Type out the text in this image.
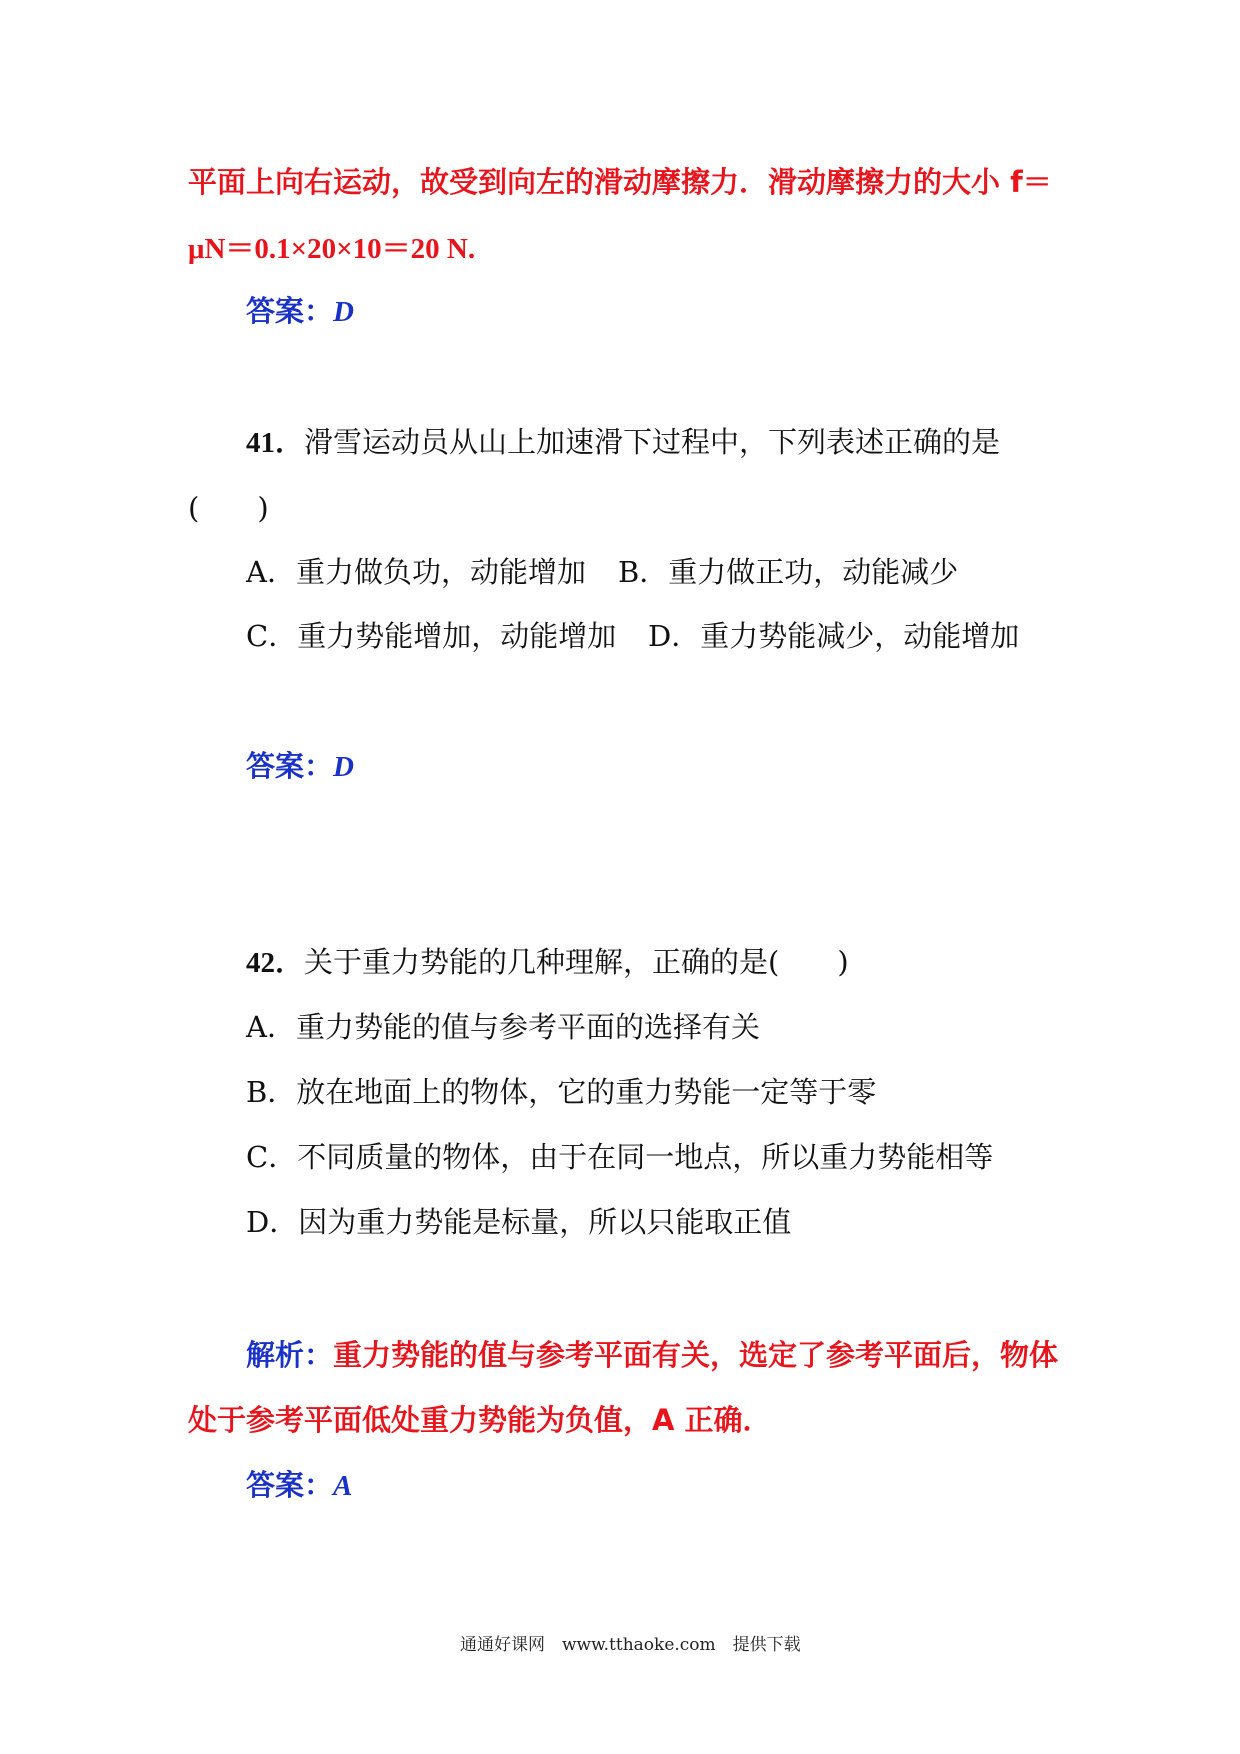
平面上向右运动，故受到向左的滑动摩擦力．滑动摩擦力的大小 f＝
μN＝0.1×20×10＝20 N.
答案：D
41．滑雪运动员从山上加速滑下过程中，下列表述正确的是
(　　)
A．重力做负功，动能增加 B．重力做正功，动能减少
C．重力势能增加，动能增加 D．重力势能减少，动能增加
答案：D
42．关于重力势能的几种理解，正确的是(　　)
A．重力势能的值与参考平面的选择有关
B．放在地面上的物体，它的重力势能一定等于零
C．不同质量的物体，由于在同一地点，所以重力势能相等
D．因为重力势能是标量，所以只能取正值
解析：重力势能的值与参考平面有关，选定了参考平面后，物体
处于参考平面低处重力势能为负值，A 正确．
答案：A
通通好课网　www.tthaoke.com　提供下载
